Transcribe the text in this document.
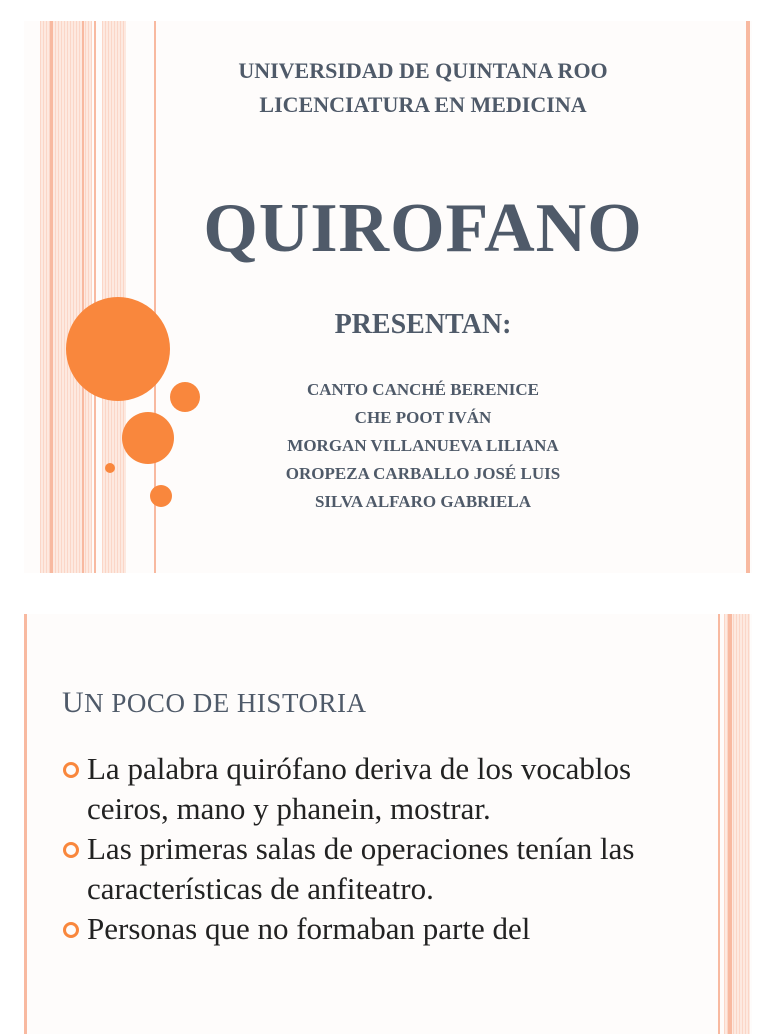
UNIVERSIDAD DE QUINTANA ROO
LICENCIATURA EN MEDICINA
QUIROFANO
PRESENTAN:
CANTO CANCHÉ BERENICE
CHE POOT IVÁN
MORGAN VILLANUEVA LILIANA
OROPEZA CARBALLO JOSÉ LUIS
SILVA ALFARO GABRIELA
UN POCO DE HISTORIA
La palabra quirófano deriva de los vocablos ceiros, mano y phanein, mostrar.
Las primeras salas de operaciones tenían las características de anfiteatro.
Personas que no formaban parte del
